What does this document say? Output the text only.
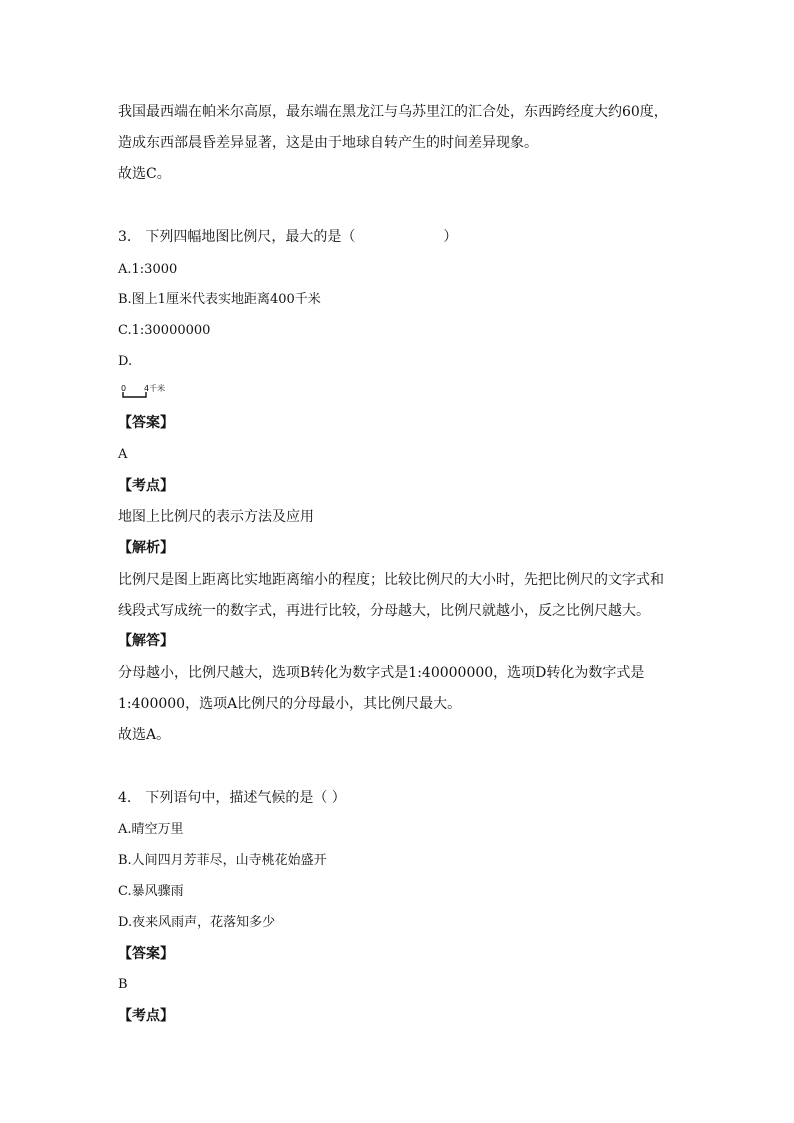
我国最西端在帕米尔高原，最东端在黑龙江与乌苏里江的汇合处，东西跨经度大约60度，
造成东西部晨昏差异显著，这是由于地球自转产生的时间差异现象。
故选C。
3.　下列四幅地图比例尺，最大的是（	）
A.1:3000
B.图上1厘米代表实地距离400千米
C.1:30000000
D.
0 4千米
【答案】
A
【考点】
地图上比例尺的表示方法及应用
【解析】
比例尺是图上距离比实地距离缩小的程度；比较比例尺的大小时，先把比例尺的文字式和
线段式写成统一的数字式，再进行比较，分母越大，比例尺就越小，反之比例尺越大。
【解答】
分母越小，比例尺越大，选项B转化为数字式是1:40000000，选项D转化为数字式是
1:400000，选项A比例尺的分母最小，其比例尺最大。
故选A。
4.　下列语句中，描述气候的是（ ）
A.晴空万里
B.人间四月芳菲尽，山寺桃花始盛开
C.暴风骤雨
D.夜来风雨声，花落知多少
【答案】
B
【考点】
